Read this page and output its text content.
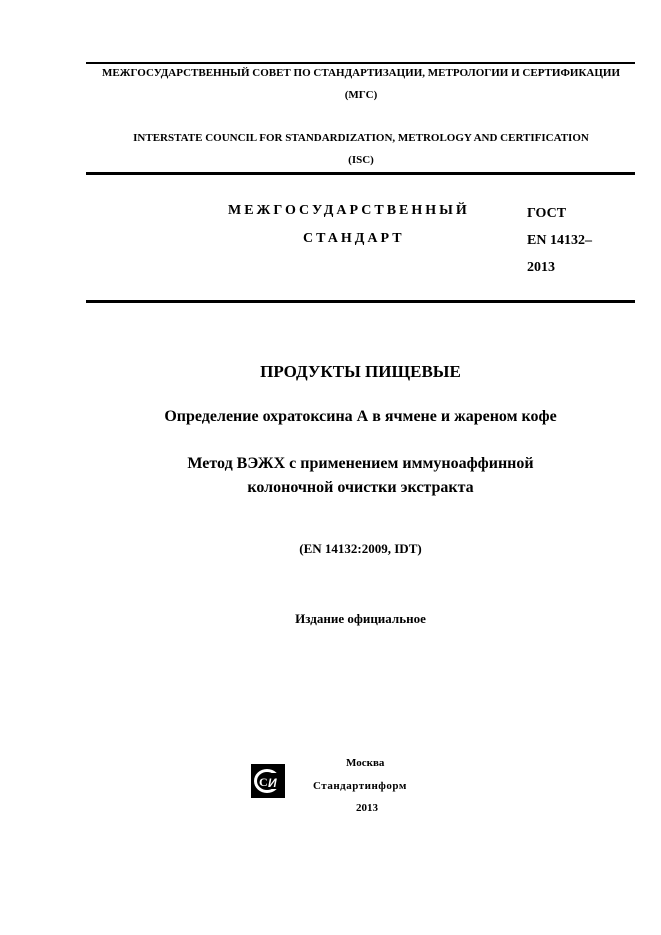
МЕЖГОСУДАРСТВЕННЫЙ СОВЕТ ПО СТАНДАРТИЗАЦИИ, МЕТРОЛОГИИ И СЕРТИФИКАЦИИ
(МГС)
INTERSTATE COUNCIL FOR STANDARDIZATION, METROLOGY AND CERTIFICATION
(ISC)
МЕЖГОСУДАРСТВЕННЫЙ
СТАНДАРТ
ГОСТ
EN 14132–
2013
ПРОДУКТЫ ПИЩЕВЫЕ
Определение охратоксина А в ячмене и жареном кофе
Метод ВЭЖХ с применением иммуноаффинной
колоночной очистки экстракта
(EN 14132:2009, IDT)
Издание официальное
С И
Москва
Стандартинформ
2013
